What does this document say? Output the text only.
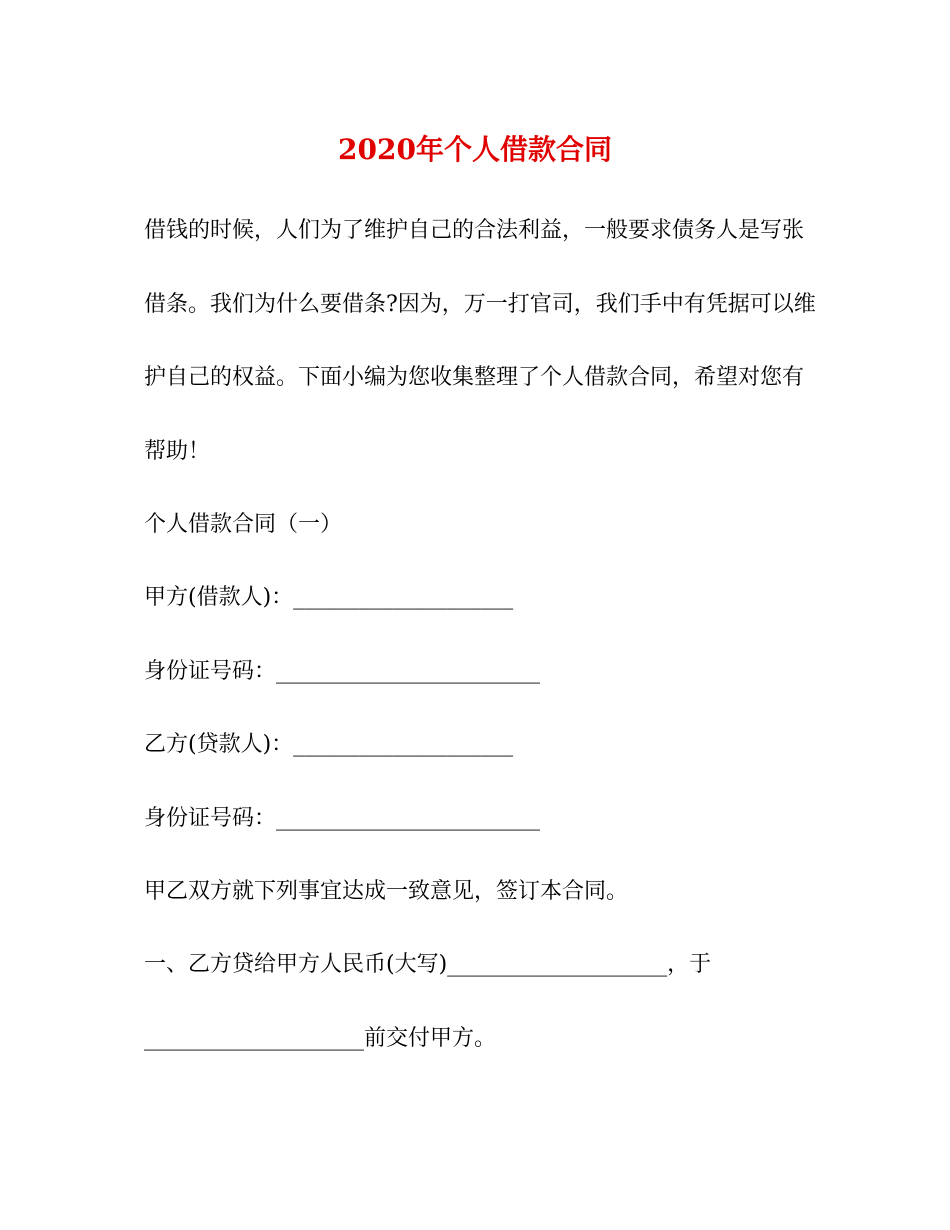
2020年个人借款合同
借钱的时候，人们为了维护自己的合法利益，一般要求债务人是写张
借条。我们为什么要借条?因为，万一打官司，我们手中有凭据可以维
护自己的权益。下面小编为您收集整理了个人借款合同，希望对您有
帮助！
个人借款合同（一）
甲方(借款人)：____________________
身份证号码：________________________
乙方(贷款人)：____________________
身份证号码：________________________
甲乙双方就下列事宜达成一致意见，签订本合同。
一、乙方贷给甲方人民币(大写)____________________，于
____________________前交付甲方。
